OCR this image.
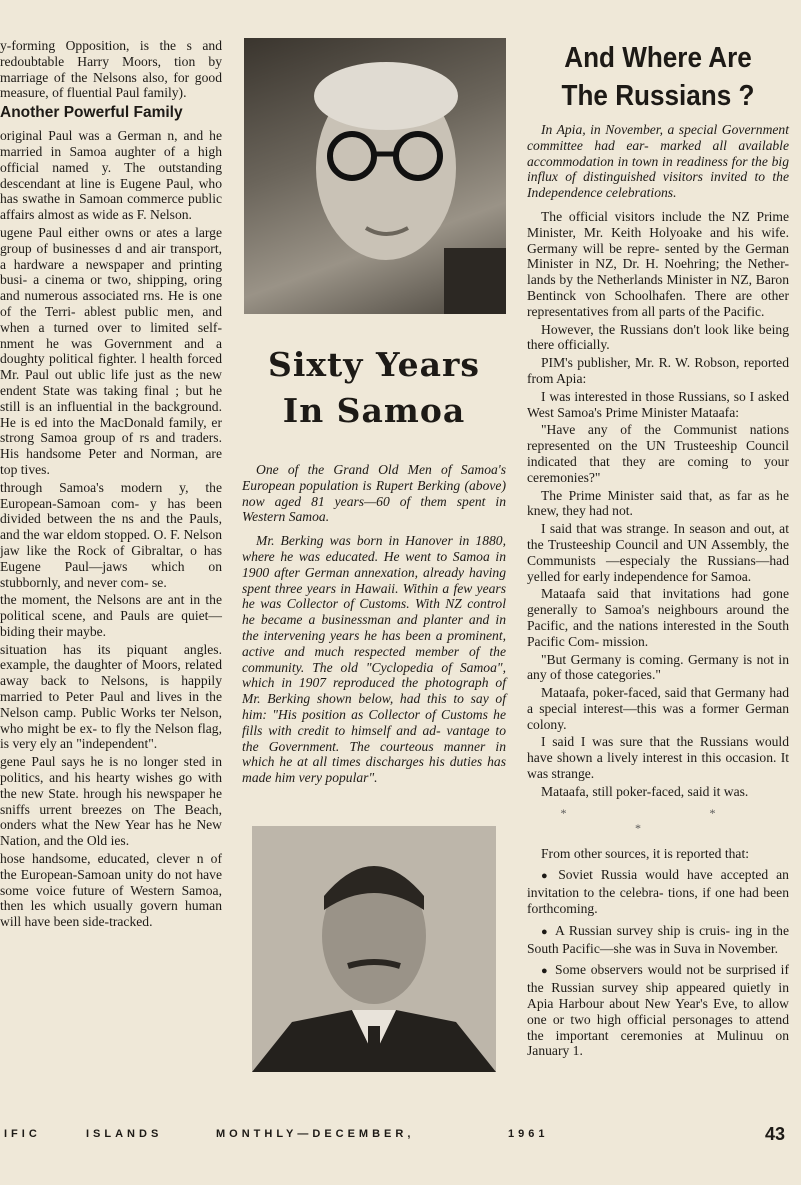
y-forming Opposition, is the s and redoubtable Harry Moors, tion by marriage of the Nelsons also, for good measure, of fluential Paul family).

Another Powerful Family

original Paul was a German n, and he married in Samoa aughter of a high official named y. The outstanding descendant at line is Eugene Paul, who has swathe in Samoan commerce public affairs almost as wide as F. Nelson.

ugene Paul either owns or ates a large group of businesses d and air transport, a hardware a newspaper and printing busi- a cinema or two, shipping, oring and numerous associated rns. He is one of the Terri- ablest public men, and when a turned over to limited self- nment he was Government and a doughty political fighter. l health forced Mr. Paul out ublic life just as the new endent State was taking final ; but he still is an influential in the background. He is ed into the MacDonald family, er strong Samoa group of rs and traders. His handsome Peter and Norman, are top tives.

through Samoa's modern y, the European-Samoan com- y has been divided between the ns and the Pauls, and the war eldom stopped. O. F. Nelson jaw like the Rock of Gibraltar, o has Eugene Paul—jaws which on stubbornly, and never com- se.

the moment, the Nelsons are ant in the political scene, and Pauls are quiet—biding their maybe.

situation has its piquant angles. example, the daughter of Moors, related away back to Nelsons, is happily married to Peter Paul and lives in the Nelson camp. Public Works ter Nelson, who might be ex- to fly the Nelson flag, is very ely an "independent".

gene Paul says he is no longer sted in politics, and his hearty wishes go with the new State. hrough his newspaper he sniffs urrent breezes on The Beach, onders what the New Year has he New Nation, and the Old ies.

hose handsome, educated, clever n of the European-Samoan unity do not have some voice future of Western Samoa, then les which usually govern human will have been side-tracked.

Sixty Years
In Samoa

One of the Grand Old Men of Samoa's European population is Rupert Berking (above) now aged 81 years—60 of them spent in Western Samoa.

Mr. Berking was born in Hanover in 1880, where he was educated. He went to Samoa in 1900 after German annexation, already having spent three years in Hawaii. Within a few years he was Collector of Customs. With NZ control he became a businessman and planter and in the intervening years he has been a prominent, active and much respected member of the community. The old "Cyclopedia of Samoa", which in 1907 reproduced the photograph of Mr. Berking shown below, had this to say of him: "His position as Collector of Customs he fills with credit to himself and ad- vantage to the Government. The courteous manner in which he at all times discharges his duties has made him very popular".

And Where Are
The Russians ?

In Apia, in November, a special Government committee had ear- marked all available accommodation in town in readiness for the big influx of distinguished visitors invited to the Independence celebrations.

The official visitors include the NZ Prime Minister, Mr. Keith Holyoake and his wife. Germany will be repre- sented by the German Minister in NZ, Dr. H. Noehring; the Nether- lands by the Netherlands Minister in NZ, Baron Bentinck von Schoolhafen. There are other representatives from all parts of the Pacific.

However, the Russians don't look like being there officially.

PIM's publisher, Mr. R. W. Robson, reported from Apia:

I was interested in those Russians, so I asked West Samoa's Prime Minister Mataafa:

"Have any of the Communist nations represented on the UN Trusteeship Council indicated that they are coming to your ceremonies?"

The Prime Minister said that, as far as he knew, they had not.

I said that was strange. In season and out, at the Trusteeship Council and UN Assembly, the Communists —especialy the Russians—had yelled for early independence for Samoa.

Mataafa said that invitations had gone generally to Samoa's neighbours around the Pacific, and the nations interested in the South Pacific Com- mission.

"But Germany is coming. Germany is not in any of those categories."

Mataafa, poker-faced, said that Germany had a special interest—this was a former German colony.

I said I was sure that the Russians would have shown a lively interest in this occasion. It was strange.

Mataafa, still poker-faced, said it was.

* * *

From other sources, it is reported that:

● Soviet Russia would have accepted an invitation to the celebra- tions, if one had been forthcoming.

● A Russian survey ship is cruis- ing in the South Pacific—she was in Suva in November.

● Some observers would not be surprised if the Russian survey ship appeared quietly in Apia Harbour about New Year's Eve, to allow one or two high official personages to attend the important ceremonies at Mulinuu on January 1.

IFIC	ISLANDS	MONTHLY—DECEMBER,	1961	43
